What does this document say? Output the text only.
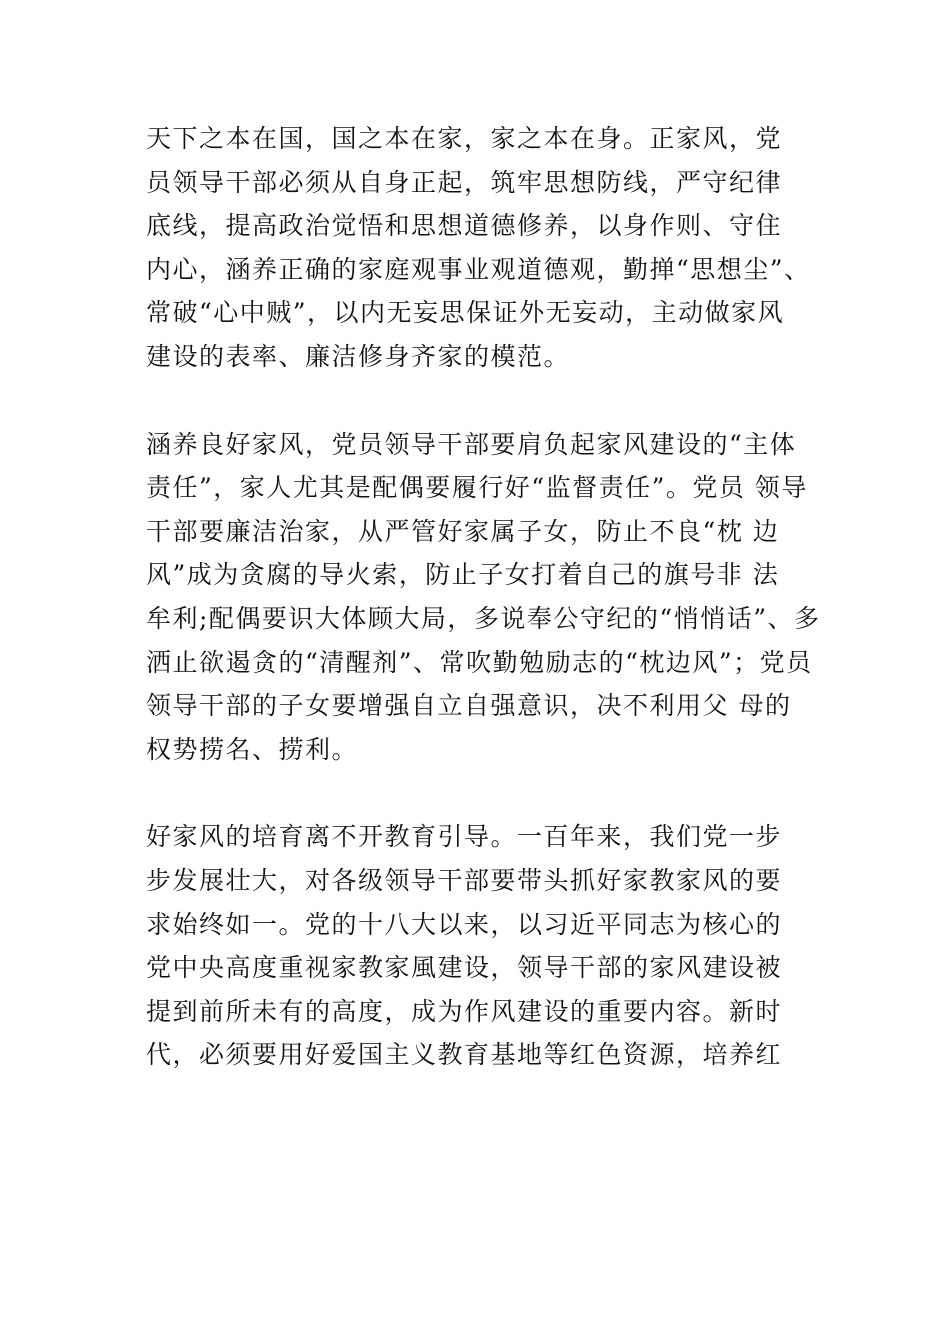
天下之本在国，国之本在家，家之本在身。正家风，党
员领导干部必须从自身正起，筑牢思想防线，严守纪律
底线，提高政治觉悟和思想道德修养，以身作则、守住
内心，涵养正确的家庭观事业观道德观，勤掸“思想尘”、
常破“心中贼”，以内无妄思保证外无妄动，主动做家风
建设的表率、廉洁修身齐家的模范。

涵养良好家风，党员领导干部要肩负起家风建设的“主体
责任”，家人尤其是配偶要履行好“监督责任”。党员 领导
干部要廉洁治家，从严管好家属子女，防止不良“枕 边
风”成为贪腐的导火索，防止子女打着自己的旗号非 法
牟利;配偶要识大体顾大局，多说奉公守纪的“悄悄话”、多
洒止欲遏贪的“清醒剂”、常吹勤勉励志的“枕边风”；党员
领导干部的子女要增强自立自强意识，决不利用父 母的
权势捞名、捞利。

好家风的培育离不开教育引导。一百年来，我们党一步
步发展壮大，对各级领导干部要带头抓好家教家风的要
求始终如一。党的十八大以来，以习近平同志为核心的
党中央高度重视家教家風建设，领导干部的家风建设被
提到前所未有的高度，成为作风建设的重要内容。新时
代，必须要用好爱国主义教育基地等红色资源，培养红
